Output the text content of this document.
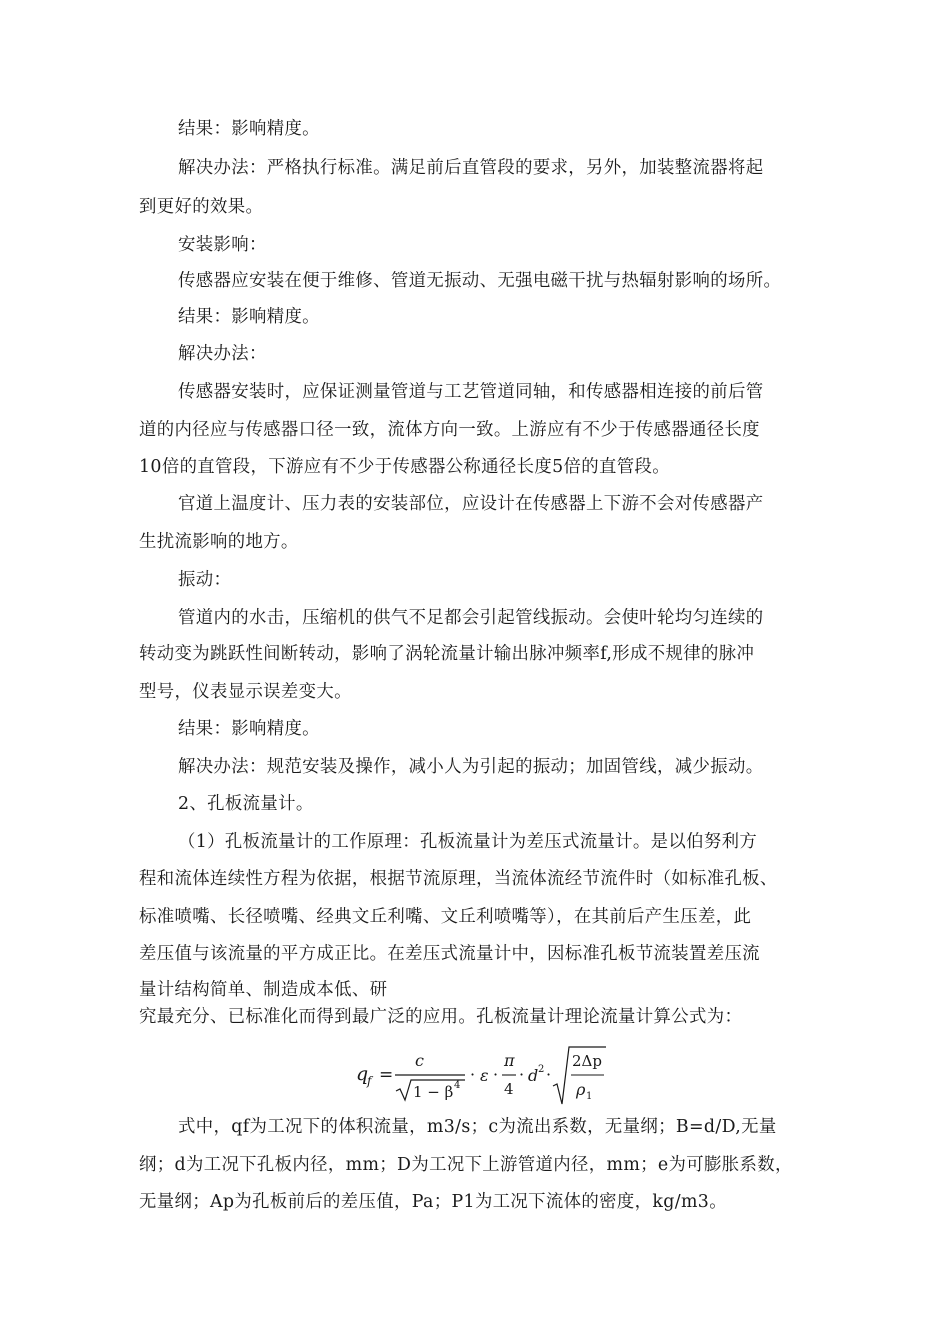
结果：影响精度。
解决办法：严格执行标准。满足前后直管段的要求，另外，加装整流器将起
到更好的效果。
安装影响：
传感器应安装在便于维修、管道无振动、无强电磁干扰与热辐射影响的场所。
结果：影响精度。
解决办法：
传感器安装时，应保证测量管道与工艺管道同轴，和传感器相连接的前后管
道的内径应与传感器口径一致，流体方向一致。上游应有不少于传感器通径长度
10倍的直管段，下游应有不少于传感器公称通径长度5倍的直管段。
官道上温度计、压力表的安装部位，应设计在传感器上下游不会对传感器产
生扰流影响的地方。
振动：
管道内的水击，压缩机的供气不足都会引起管线振动。会使叶轮均匀连续的
转动变为跳跃性间断转动，影响了涡轮流量计输出脉冲频率f,形成不规律的脉冲
型号，仪表显示误差变大。
结果：影响精度。
解决办法：规范安装及操作，减小人为引起的振动；加固管线，减少振动。
2、孔板流量计。
（1）孔板流量计的工作原理：孔板流量计为差压式流量计。是以伯努利方
程和流体连续性方程为依据，根据节流原理，当流体流经节流件时（如标准孔板、
标准喷嘴、长径喷嘴、经典文丘利嘴、文丘利喷嘴等），在其前后产生压差，此
差压值与该流量的平方成正比。在差压式流量计中，因标准孔板节流装置差压流
量计结构简单、制造成本低、研
究最充分、已标准化而得到最广泛的应用。孔板流量计理论流量计算公式为：
q
f =
c
1 − β 4
· ε ·
π
4
· d 2 ·
2Δp
ρ 1
式中，qf为工况下的体积流量，m3/s；c为流出系数，无量纲；B=d/D,无量
纲；d为工况下孔板内径，mm；D为工况下上游管道内径，mm；e为可膨胀系数，
无量纲；Ap为孔板前后的差压值，Pa；P1为工况下流体的密度，kg/m3。
